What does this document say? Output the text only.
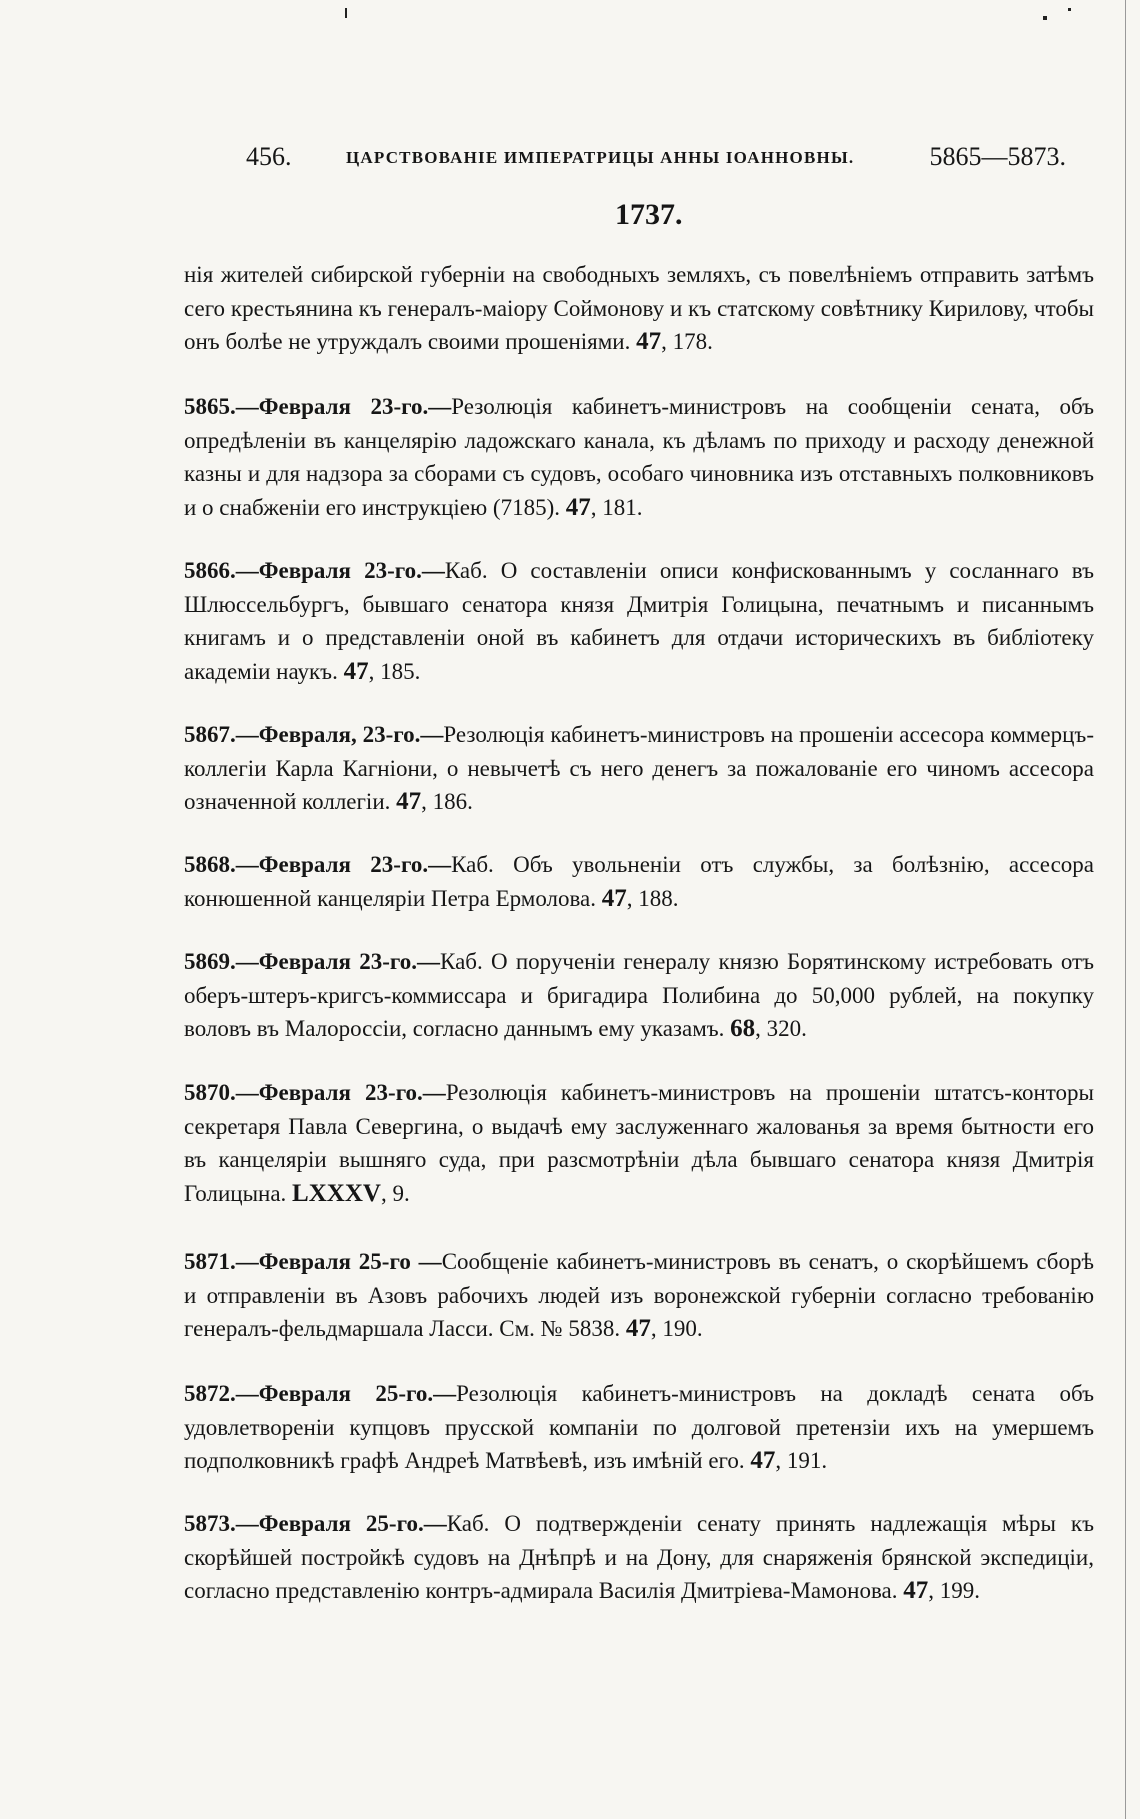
456.	ЦАРСТВОВАНІЕ ИМПЕРАТРИЦЫ АННЫ ІОАННОВНЫ.	5865—5873.
1737.

нія жителей сибирской губерніи на свободныхъ земляхъ, съ повелѣніемъ отправить затѣмъ сего крестьянина къ генералъ-маіору Соймонову и къ статскому совѣтнику Кирилову, чтобы онъ болѣе не утруждалъ своими прошеніями. 47, 178.

5865.—Февраля 23-го.—Резолюція кабинетъ-министровъ на сообщеніи сената, объ опредѣленіи въ канцелярію ладожскаго канала, къ дѣламъ по приходу и расходу денежной казны и для надзора за сборами съ судовъ, особаго чиновника изъ отставныхъ полковниковъ и о снабженіи его инструкціею (7185). 47, 181.

5866.—Февраля 23-го.—Каб. О составленіи описи конфискованнымъ у сосланнаго въ Шлюссельбургъ, бывшаго сенатора князя Дмитрія Голицына, печатнымъ и писаннымъ книгамъ и о представленіи оной въ кабинетъ для отдачи историческихъ въ библіотеку академіи наукъ. 47, 185.

5867.—Февраля, 23-го.—Резолюція кабинетъ-министровъ на прошеніи ассесора коммерцъ-коллегіи Карла Кагніони, о невычетѣ съ него денегъ за пожалованіе его чиномъ ассесора означенной коллегіи. 47, 186.

5868.—Февраля 23-го.—Каб. Объ увольненіи отъ службы, за болѣзнію, ассесора конюшенной канцеляріи Петра Ермолова. 47, 188.

5869.—Февраля 23-го.—Каб. О порученіи генералу князю Борятинскому истребовать отъ оберъ-штеръ-кригсъ-коммиссара и бригадира Полибина до 50,000 рублей, на покупку воловъ въ Малороссіи, согласно даннымъ ему указамъ. 68, 320.

5870.—Февраля 23-го.—Резолюція кабинетъ-министровъ на прошеніи штатсъ-конторы секретаря Павла Севергина, о выдачѣ ему заслуженнаго жалованья за время бытности его въ канцеляріи вышняго суда, при разсмотрѣніи дѣла бывшаго сенатора князя Дмитрія Голицына. LXXXV, 9.

5871.—Февраля 25-го —Сообщеніе кабинетъ-министровъ въ сенатъ, о скорѣйшемъ сборѣ и отправленіи въ Азовъ рабочихъ людей изъ воронежской губерніи согласно требованію генералъ-фельдмаршала Ласси. См. № 5838. 47, 190.

5872.—Февраля 25-го.—Резолюція кабинетъ-министровъ на докладѣ сената объ удовлетвореніи купцовъ прусской компаніи по долговой претензіи ихъ на умершемъ подполковникѣ графѣ Андреѣ Матвѣевѣ, изъ имѣній его. 47, 191.

5873.—Февраля 25-го.—Каб. О подтвержденіи сенату принять надлежащія мѣры къ скорѣйшей постройкѣ судовъ на Днѣпрѣ и на Дону, для снаряженія брянской экспедиціи, согласно представленію контръ-адмирала Василія Дмитріева-Мамонова. 47, 199.
